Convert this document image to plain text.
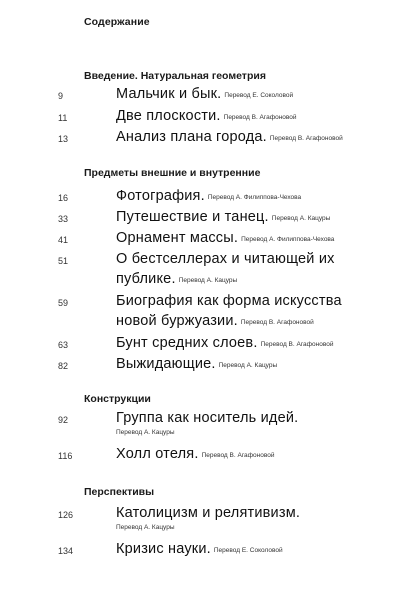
Содержание
Введение. Натуральная геометрия
9	Мальчик и бык. Перевод Е. Соколовой
11	Две плоскости. Перевод В. Агафоновой
13	Анализ плана города. Перевод В. Агафоновой
Предметы внешние и внутренние
16	Фотография. Перевод А. Филиппова-Чехова
33	Путешествие и танец. Перевод А. Кацуры
41	Орнамент массы. Перевод А. Филиппова-Чехова
51	О бестселлерах и читающей их
публике. Перевод А. Кацуры
59	Биография как форма искусства
новой буржуазии. Перевод В. Агафоновой
63	Бунт средних слоев. Перевод В. Агафоновой
82	Выжидающие. Перевод А. Кацуры
Конструкции
92	Группа как носитель идей.
Перевод А. Кацуры
116	Холл отеля. Перевод В. Агафоновой
Перспективы
126	Католицизм и релятивизм.
Перевод А. Кацуры
134	Кризис науки. Перевод Е. Соколовой
